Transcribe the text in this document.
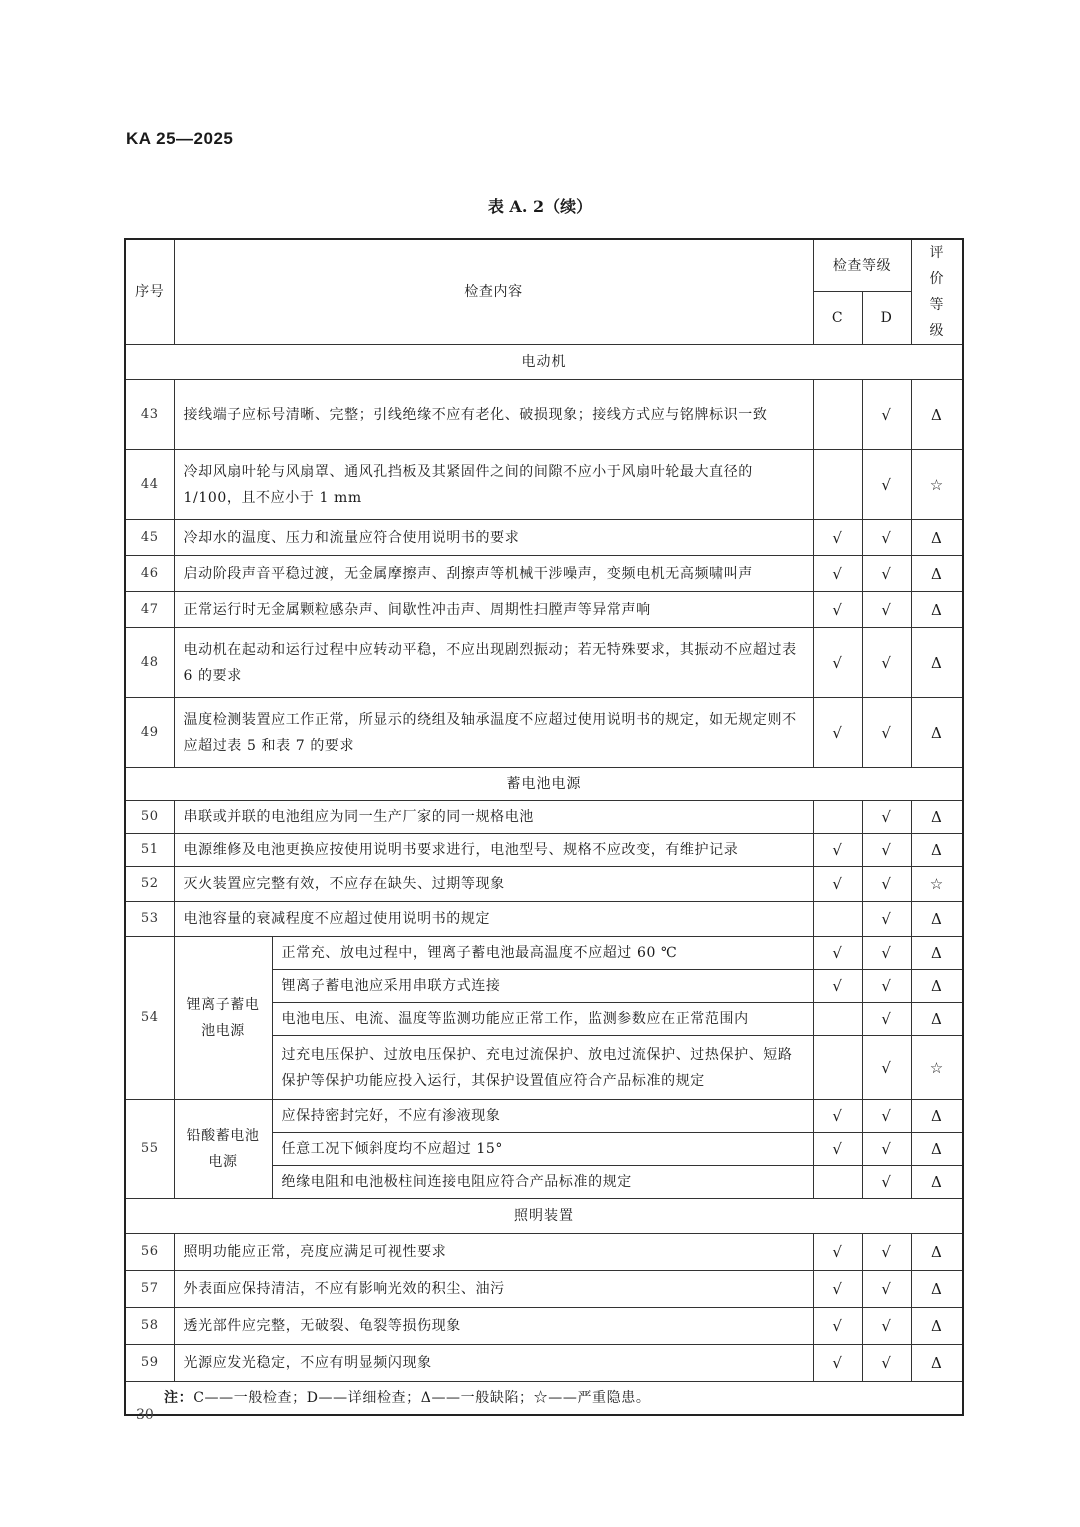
KA 25—2025
表 A. 2（续）
序号	检查内容		检查等级		评价等级
			C	D	
电动机					
43	接线端子应标号清晰、完整；引线绝缘不应有老化、破损现象；接线方式应与铭牌标识一致			√	Δ
44	冷却风扇叶轮与风扇罩、通风孔挡板及其紧固件之间的间隙不应小于风扇叶轮最大直径的 1/100，且不应小于 1 mm			√	☆
45	冷却水的温度、压力和流量应符合使用说明书的要求		√	√	Δ
46	启动阶段声音平稳过渡，无金属摩擦声、刮擦声等机械干涉噪声，变频电机无高频啸叫声		√	√	Δ
47	正常运行时无金属颗粒感杂声、间歇性冲击声、周期性扫膛声等异常声响		√	√	Δ
48	电动机在起动和运行过程中应转动平稳，不应出现剧烈振动；若无特殊要求，其振动不应超过表 6 的要求		√	√	Δ
49	温度检测装置应工作正常，所显示的绕组及轴承温度不应超过使用说明书的规定，如无规定则不应超过表 5 和表 7 的要求		√	√	Δ
蓄电池电源					
50	串联或并联的电池组应为同一生产厂家的同一规格电池			√	Δ
51	电源维修及电池更换应按使用说明书要求进行，电池型号、规格不应改变，有维护记录		√	√	Δ
52	灭火装置应完整有效，不应存在缺失、过期等现象		√	√	☆
53	电池容量的衰减程度不应超过使用说明书的规定			√	Δ
54	锂离子蓄电池电源	正常充、放电过程中，锂离子蓄电池最高温度不应超过 60 ℃	√	√	Δ
		锂离子蓄电池应采用串联方式连接	√	√	Δ
		电池电压、电流、温度等监测功能应正常工作，监测参数应在正常范围内		√	Δ
		过充电压保护、过放电压保护、充电过流保护、放电过流保护、过热保护、短路保护等保护功能应投入运行，其保护设置值应符合产品标准的规定		√	☆
55	铅酸蓄电池电源	应保持密封完好，不应有渗液现象	√	√	Δ
		任意工况下倾斜度均不应超过 15°	√	√	Δ
		绝缘电阻和电池极柱间连接电阻应符合产品标准的规定		√	Δ
照明装置					
56	照明功能应正常，亮度应满足可视性要求		√	√	Δ
57	外表面应保持清洁，不应有影响光效的积尘、油污		√	√	Δ
58	透光部件应完整，无破裂、龟裂等损伤现象		√	√	Δ
59	光源应发光稳定，不应有明显频闪现象		√	√	Δ
注：C——一般检查；D——详细检查；Δ——一般缺陷；☆——严重隐患。					
30
